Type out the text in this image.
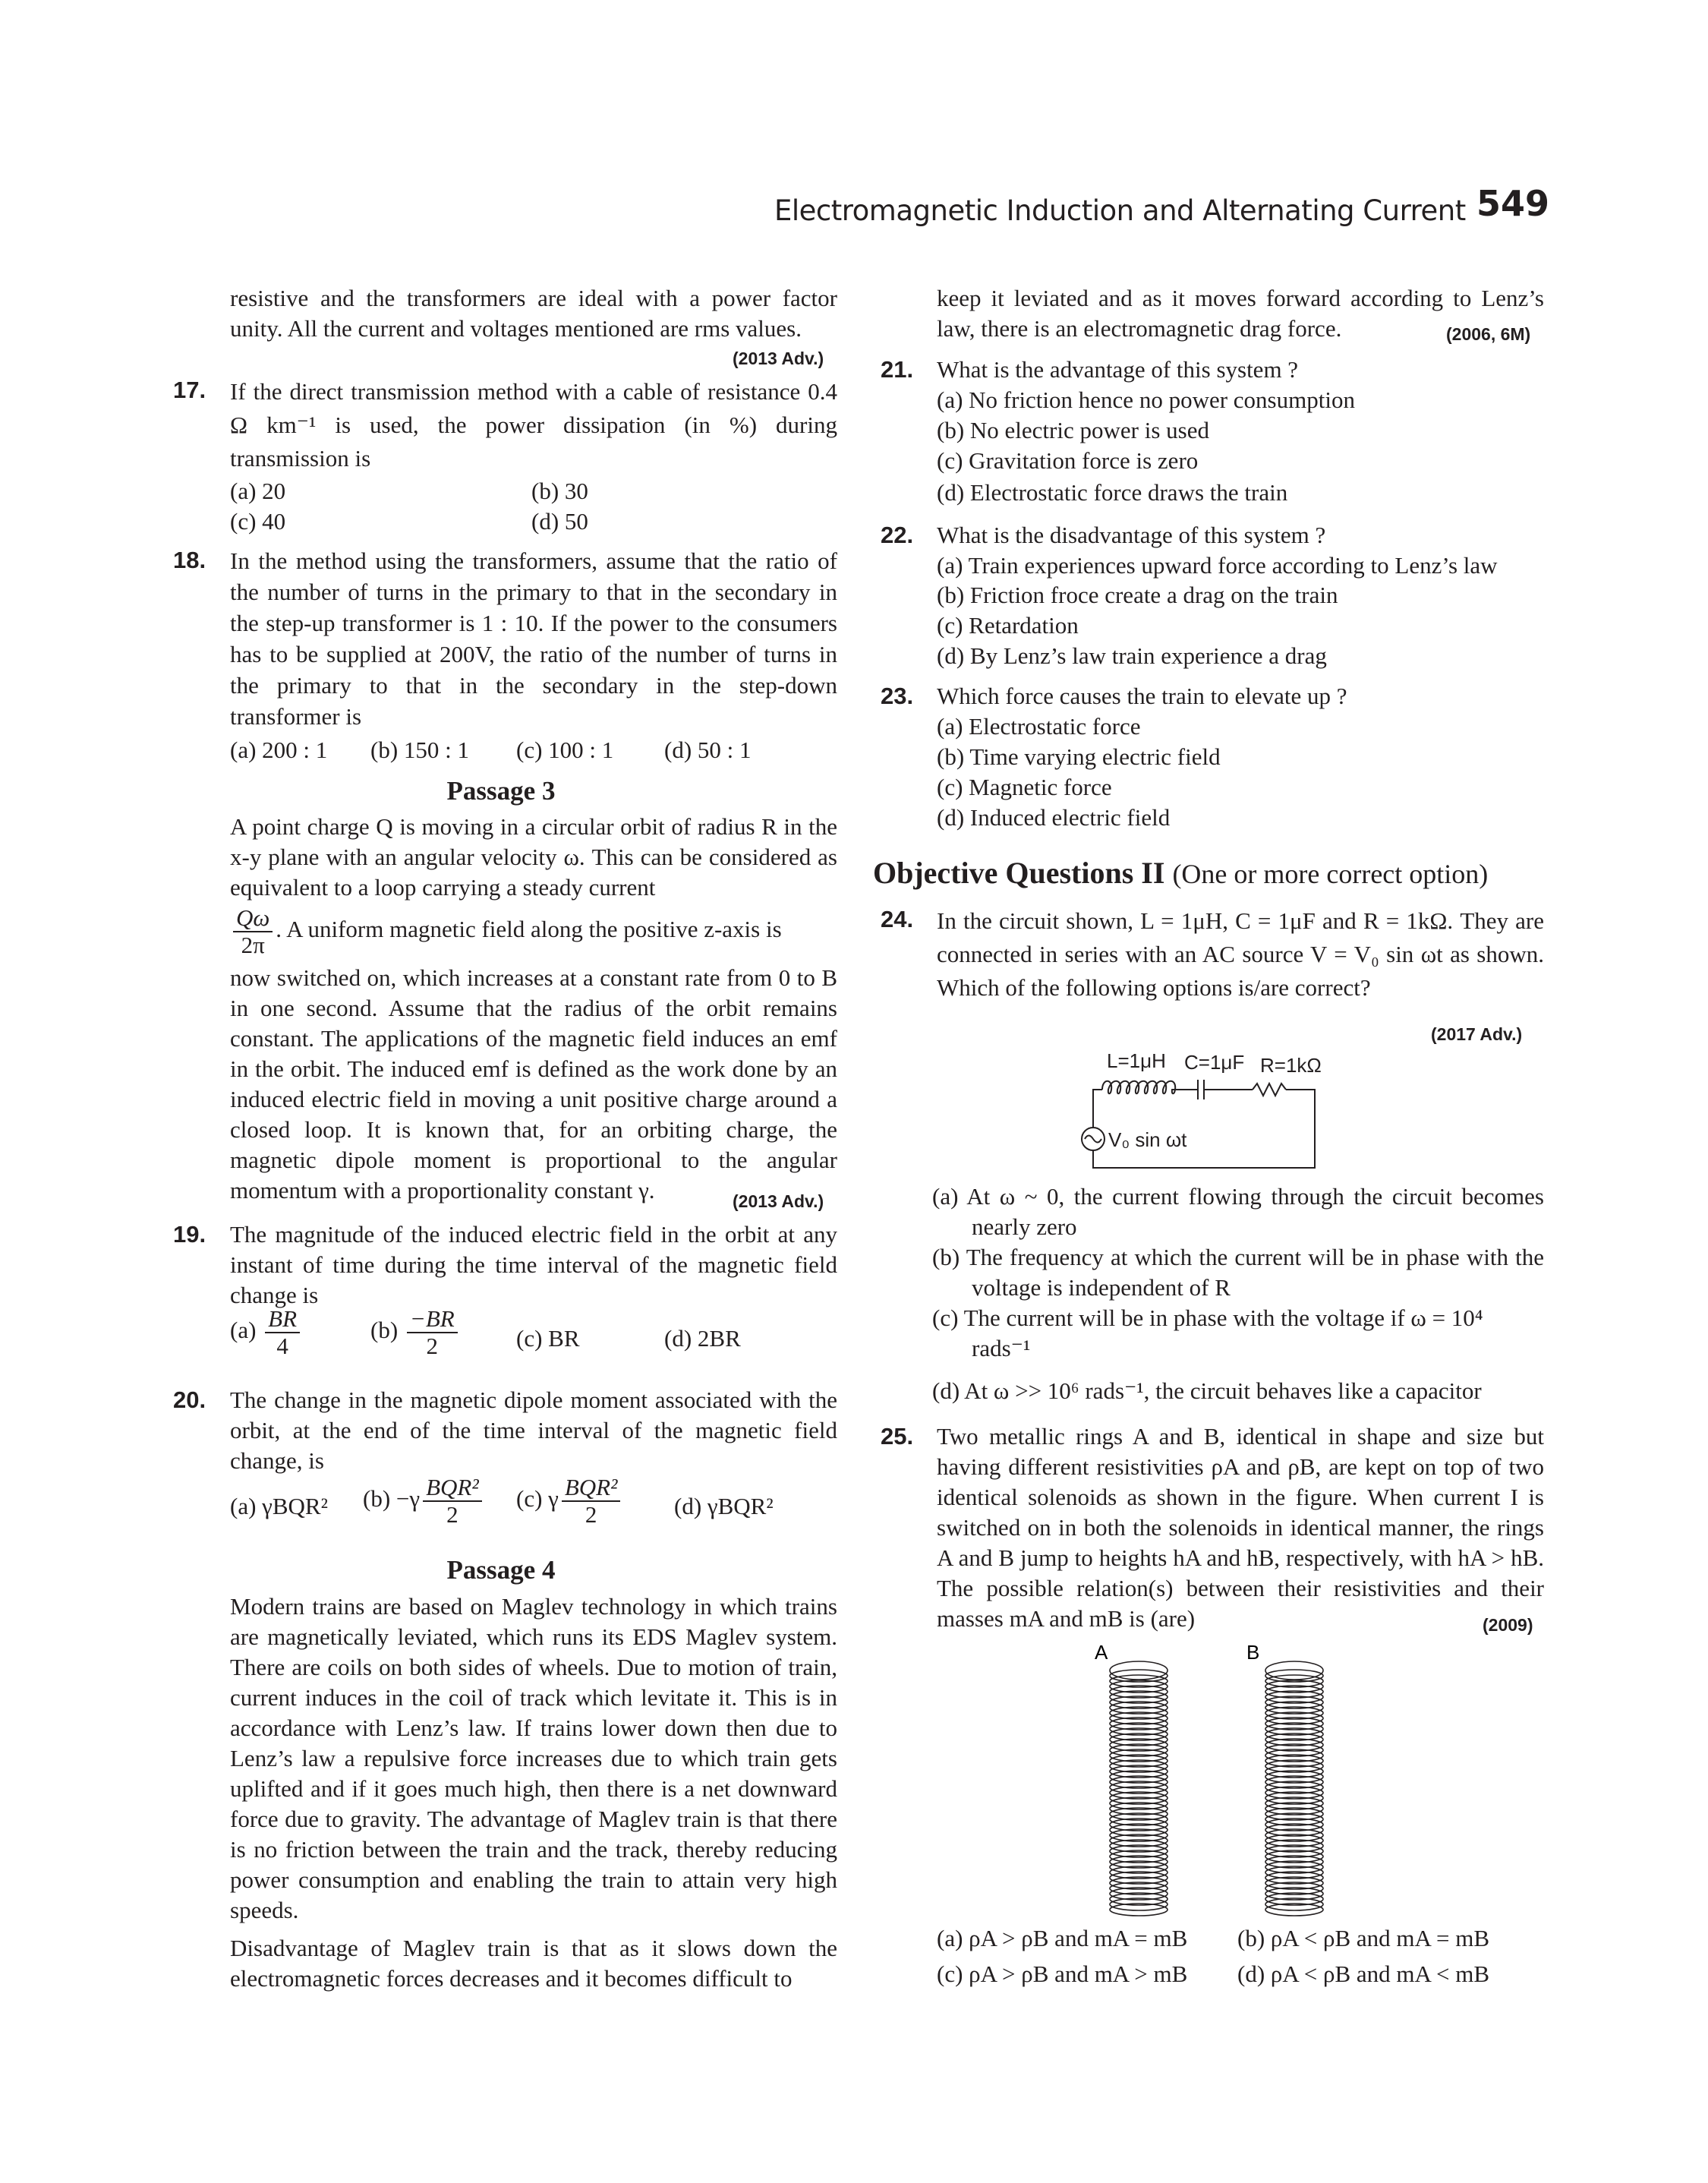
Electromagnetic Induction and Alternating Current 549
resistive and the transformers are ideal with a power factor unity. All the current and voltages mentioned are rms values.
(2013 Adv.)
17. If the direct transmission method with a cable of resistance 0.4 Ω km⁻¹ is used, the power dissipation (in %) during transmission is
(a) 20	(b) 30
(c) 40	(d) 50
18. In the method using the transformers, assume that the ratio of the number of turns in the primary to that in the secondary in the step-up transformer is 1 : 10. If the power to the consumers has to be supplied at 200V, the ratio of the number of turns in the primary to that in the secondary in the step-down transformer is
(a) 200 : 1 (b) 150 : 1 (c) 100 : 1 (d) 50 : 1
Passage 3
A point charge Q is moving in a circular orbit of radius R in the x-y plane with an angular velocity ω. This can be considered as equivalent to a loop carrying a steady current
$\frac{Q\omega}{2\pi}$ . A uniform magnetic field along the positive z-axis is
now switched on, which increases at a constant rate from 0 to B in one second. Assume that the radius of the orbit remains constant. The applications of the magnetic field induces an emf in the orbit. The induced emf is defined as the work done by an induced electric field in moving a unit positive charge around a closed loop. It is known that, for an orbiting charge, the magnetic dipole moment is proportional to the angular momentum with a proportionality constant γ.	(2013 Adv.)
19. The magnitude of the induced electric field in the orbit at any instant of time during the time interval of the magnetic field change is
$(a) \frac{BR}{4}$	$(b) \frac{-BR}{2} (c)$ BR	(d) 2BR
20. The change in the magnetic dipole moment associated with the orbit, at the end of the time interval of the magnetic field change, is
(a) γBQR² $(b) -\gamma \frac{\text{BQR²}}{2} (c)$ γ $\frac{\text{BQR²}}{2} (d)$ γBQR²
Passage 4
Modern trains are based on Maglev technology in which trains are magnetically leviated, which runs its EDS Maglev system. There are coils on both sides of wheels. Due to motion of train, current induces in the coil of track which levitate it. This is in accordance with Lenz’s law. If trains lower down then due to Lenz’s law a repulsive force increases due to which train gets uplifted and if it goes much high, then there is a net downward force due to gravity. The advantage of Maglev train is that there is no friction between the train and the track, thereby reducing power consumption and enabling the train to attain very high speeds.
Disadvantage of Maglev train is that as it slows down the electromagnetic forces decreases and it becomes difficult to
keep it leviated and as it moves forward according to Lenz’s law, there is an electromagnetic drag force.	(2006, 6M)
21. What is the advantage of this system ?
(a) No friction hence no power consumption
(b) No electric power is used
(c) Gravitation force is zero
(d) Electrostatic force draws the train
22. What is the disadvantage of this system ?
(a) Train experiences upward force according to Lenz’s law
(b) Friction froce create a drag on the train
(c) Retardation
(d) By Lenz’s law train experience a drag
23. Which force causes the train to elevate up ?
(a) Electrostatic force
(b) Time varying electric field
(c) Magnetic force
(d) Induced electric field
Objective Questions II (One or more correct option)
24. In the circuit shown, L = 1μH, C = 1μF and R = 1kΩ. They are connected in series with an AC source V = V₀ sin ωt as shown. Which of the following options is/are correct?
(2017 Adv.)
L=1μH C=1μF R=1kΩ
V₀ sin ωt
(a) At ω ~ 0, the current flowing through the circuit becomes nearly zero
(b) The frequency at which the current will be in phase with the voltage is independent of R
(c) The current will be in phase with the voltage if ω = 10⁴ rads⁻¹
(d) At ω >> 10⁶ rads⁻¹, the circuit behaves like a capacitor
25. Two metallic rings A and B, identical in shape and size but having different resistivities ρA and ρB, are kept on top of two identical solenoids as shown in the figure. When current I is switched on in both the solenoids in identical manner, the rings A and B jump to heights hA and hB, respectively, with hA > hB. The possible relation(s) between their resistivities and their masses mA and mB is (are)	(2009)
A	B
(a) ρA > ρB and mA = mB (b) ρA < ρB and mA = mB
(c) ρA > ρB and mA > mB (d) ρA < ρB and mA < mB
